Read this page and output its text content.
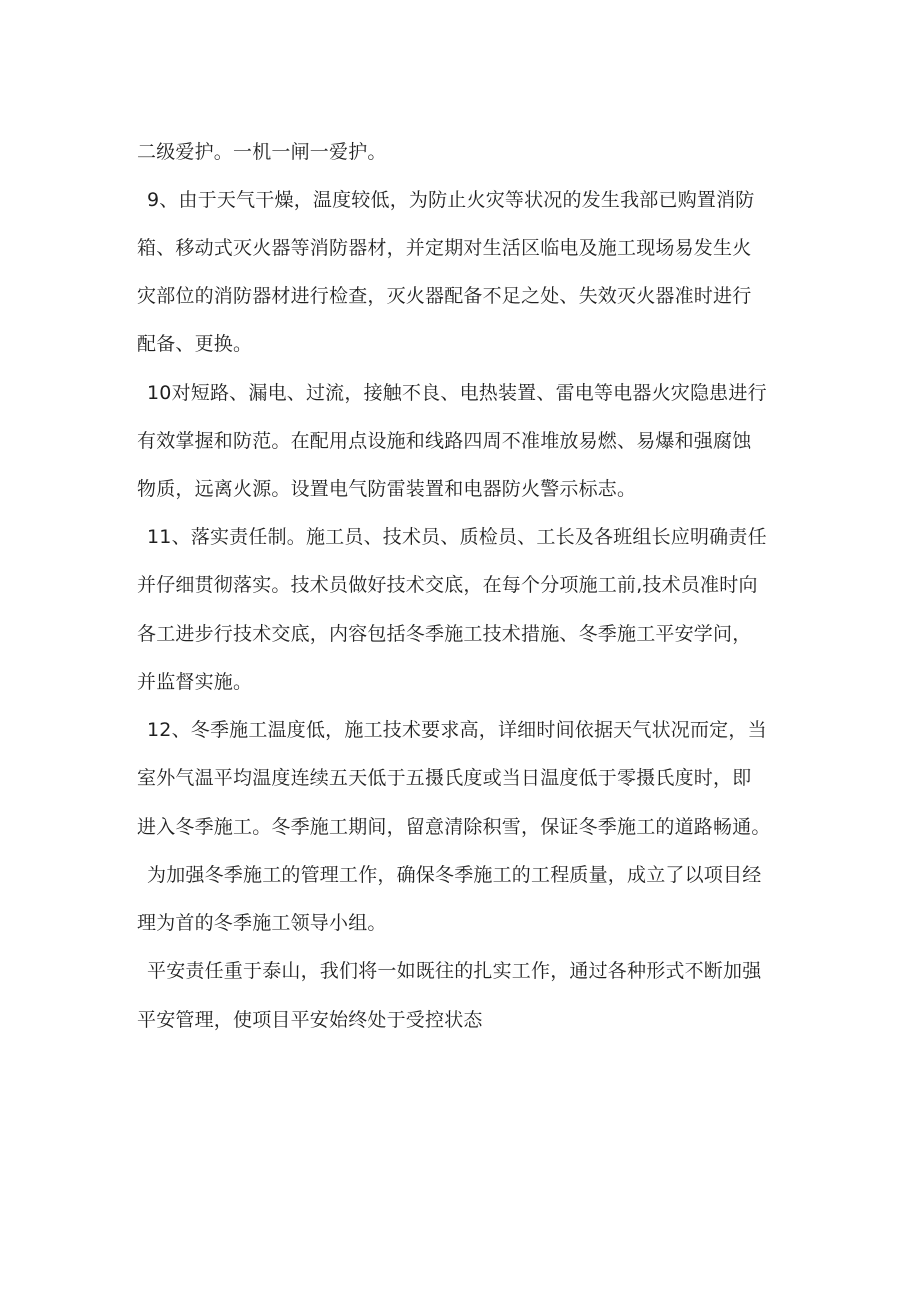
二级爱护。一机一闸一爱护。
9、由于天气干燥，温度较低，为防止火灾等状况的发生我部已购置消防
箱、移动式灭火器等消防器材，并定期对生活区临电及施工现场易发生火
灾部位的消防器材进行检查，灭火器配备不足之处、失效灭火器准时进行
配备、更换。
10对短路、漏电、过流，接触不良、电热装置、雷电等电器火灾隐患进行
有效掌握和防范。在配用点设施和线路四周不准堆放易燃、易爆和强腐蚀
物质，远离火源。设置电气防雷装置和电器防火警示标志。
11、落实责任制。施工员、技术员、质检员、工长及各班组长应明确责任
并仔细贯彻落实。技术员做好技术交底，在每个分项施工前,技术员准时向
各工进步行技术交底，内容包括冬季施工技术措施、冬季施工平安学问，
并监督实施。
12、冬季施工温度低，施工技术要求高，详细时间依据天气状况而定，当
室外气温平均温度连续五天低于五摄氏度或当日温度低于零摄氏度时，即
进入冬季施工。冬季施工期间，留意清除积雪，保证冬季施工的道路畅通。
为加强冬季施工的管理工作，确保冬季施工的工程质量，成立了以项目经
理为首的冬季施工领导小组。
平安责任重于泰山，我们将一如既往的扎实工作，通过各种形式不断加强
平安管理，使项目平安始终处于受控状态
